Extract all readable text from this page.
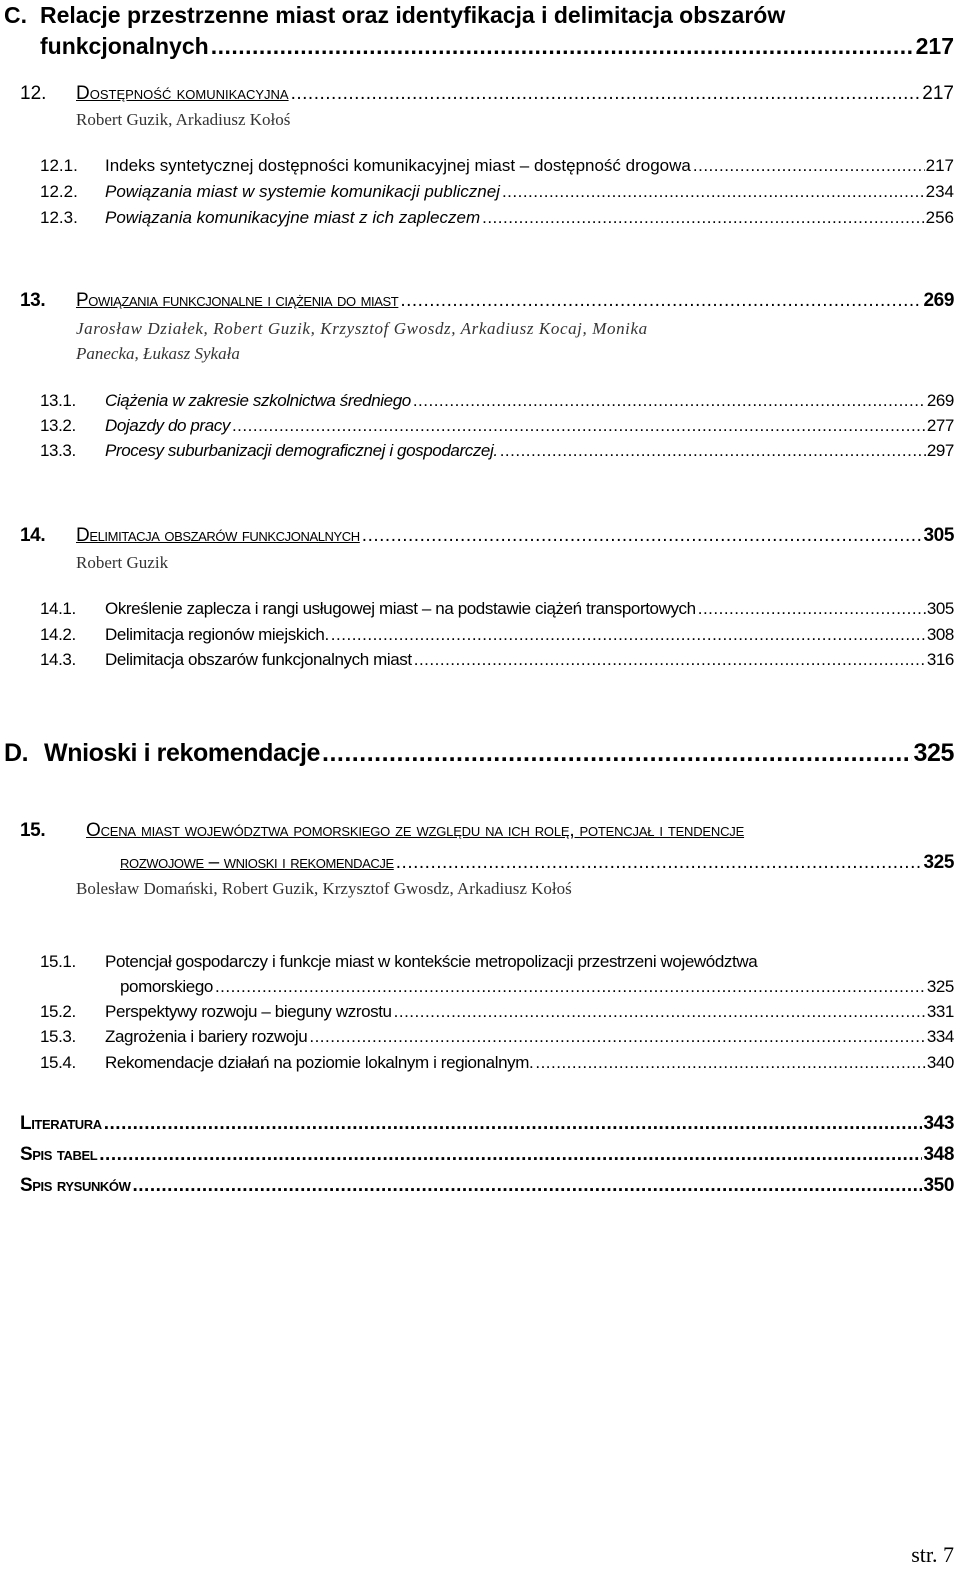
C. Relacje przestrzenne miast oraz identyfikacja i delimitacja obszarów
funkcjonalnych .....	217
12.	Dostępność komunikacyjna .....	217
Robert Guzik, Arkadiusz Kołoś
12.1.	Indeks syntetycznej dostępności komunikacyjnej miast – dostępność drogowa .....	217
12.2.	Powiązania miast w systemie komunikacji publicznej .....	234
12.3.	Powiązania komunikacyjne miast z ich zapleczem .....	256
13.	Powiązania funkcjonalne i ciążenia do miast .....	269
Jarosław Działek, Robert Guzik, Krzysztof Gwosdz, Arkadiusz Kocaj, Monika
Panecka, Łukasz Sykała
13.1.	Ciążenia w zakresie szkolnictwa średniego .....	269
13.2.	Dojazdy do pracy .....	277
13.3.	Procesy suburbanizacji demograficznej i gospodarczej. .....	297
14.	Delimitacja obszarów funkcjonalnych .....	305
Robert Guzik
14.1.	Określenie zaplecza i rangi usługowej miast – na podstawie ciążeń transportowych .....	305
14.2.	Delimitacja regionów miejskich. .....	308
14.3.	Delimitacja obszarów funkcjonalnych miast .....	316
D. Wnioski i rekomendacje .....	325
15.	Ocena miast województwa pomorskiego ze względu na ich rolę, potencjał i tendencje
rozwojowe – wnioski i rekomendacje .....	325
Bolesław Domański, Robert Guzik, Krzysztof Gwosdz, Arkadiusz Kołoś
15.1.	Potencjał gospodarczy i funkcje miast w kontekście metropolizacji przestrzeni województwa
pomorskiego .....	325
15.2.	Perspektywy rozwoju – bieguny wzrostu .....	331
15.3.	Zagrożenia i bariery rozwoju .....	334
15.4.	Rekomendacje działań na poziomie lokalnym i regionalnym. .....	340
Literatura .....	343
Spis tabel .....	348
Spis rysunków .....	350
str. 7
